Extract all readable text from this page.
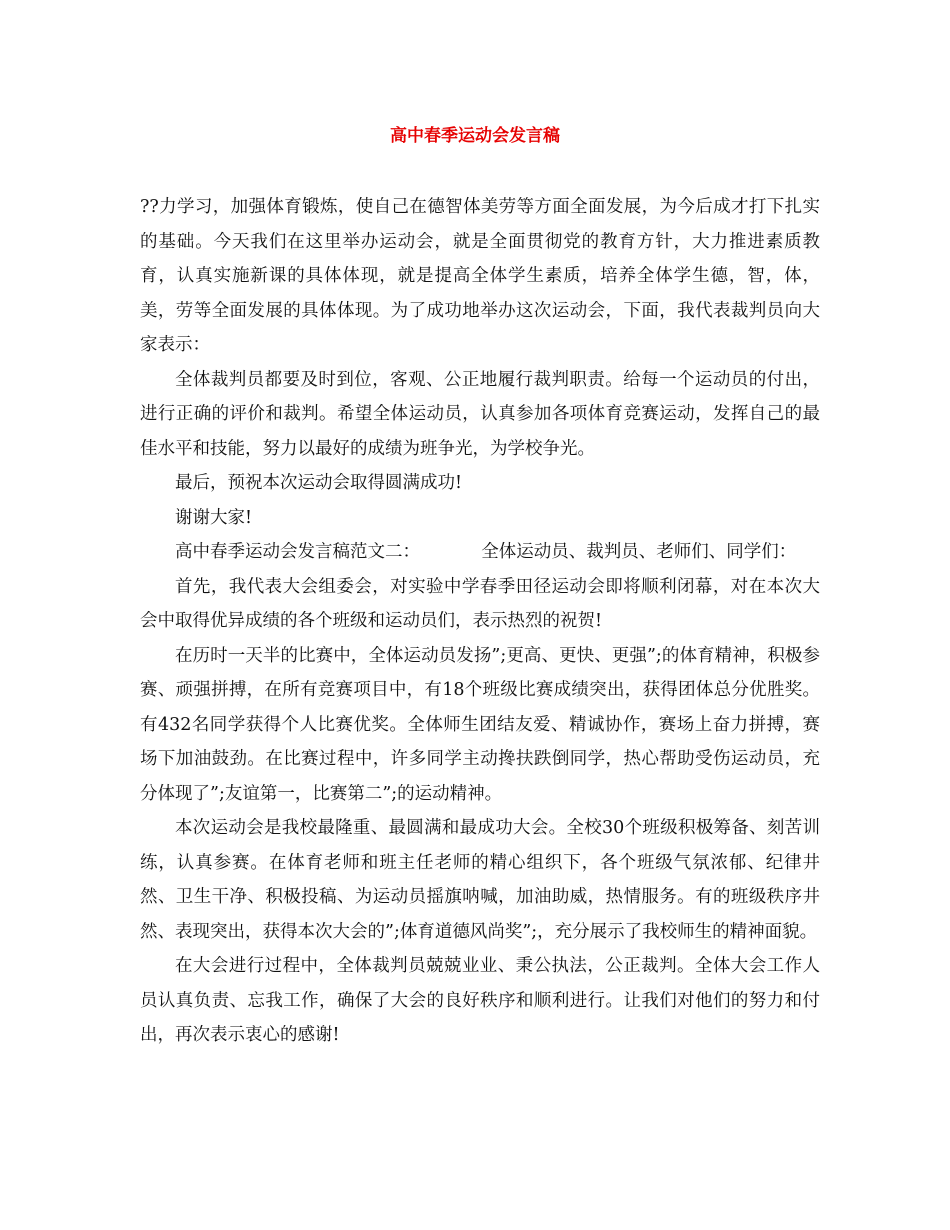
高中春季运动会发言稿

??力学习，加强体育锻炼，使自己在德智体美劳等方面全面发展，为今后成才打下扎实的基础。今天我们在这里举办运动会，就是全面贯彻党的教育方针，大力推进素质教育，认真实施新课的具体体现，就是提高全体学生素质，培养全体学生德，智，体，美，劳等全面发展的具体体现。为了成功地举办这次运动会，下面，我代表裁判员向大家表示：

全体裁判员都要及时到位，客观、公正地履行裁判职责。给每一个运动员的付出，进行正确的评价和裁判。希望全体运动员，认真参加各项体育竞赛运动，发挥自己的最佳水平和技能，努力以最好的成绩为班争光，为学校争光。

最后，预祝本次运动会取得圆满成功!

谢谢大家!

高中春季运动会发言稿范文二：           全体运动员、裁判员、老师们、同学们：

首先，我代表大会组委会，对实验中学春季田径运动会即将顺利闭幕，对在本次大会中取得优异成绩的各个班级和运动员们，表示热烈的祝贺!

在历时一天半的比赛中，全体运动员发扬”;更高、更快、更强”;的体育精神，积极参赛、顽强拼搏，在所有竞赛项目中，有18个班级比赛成绩突出，获得团体总分优胜奖。有432名同学获得个人比赛优奖。全体师生团结友爱、精诚协作，赛场上奋力拼搏，赛场下加油鼓劲。在比赛过程中，许多同学主动搀扶跌倒同学，热心帮助受伤运动员，充分体现了”;友谊第一，比赛第二”;的运动精神。

本次运动会是我校最隆重、最圆满和最成功大会。全校30个班级积极筹备、刻苦训练，认真参赛。在体育老师和班主任老师的精心组织下，各个班级气氛浓郁、纪律井然、卫生干净、积极投稿、为运动员摇旗呐喊，加油助威，热情服务。有的班级秩序井然、表现突出，获得本次大会的”;体育道德风尚奖”;，充分展示了我校师生的精神面貌。

在大会进行过程中，全体裁判员兢兢业业、秉公执法，公正裁判。全体大会工作人员认真负责、忘我工作，确保了大会的良好秩序和顺利进行。让我们对他们的努力和付出，再次表示衷心的感谢!
